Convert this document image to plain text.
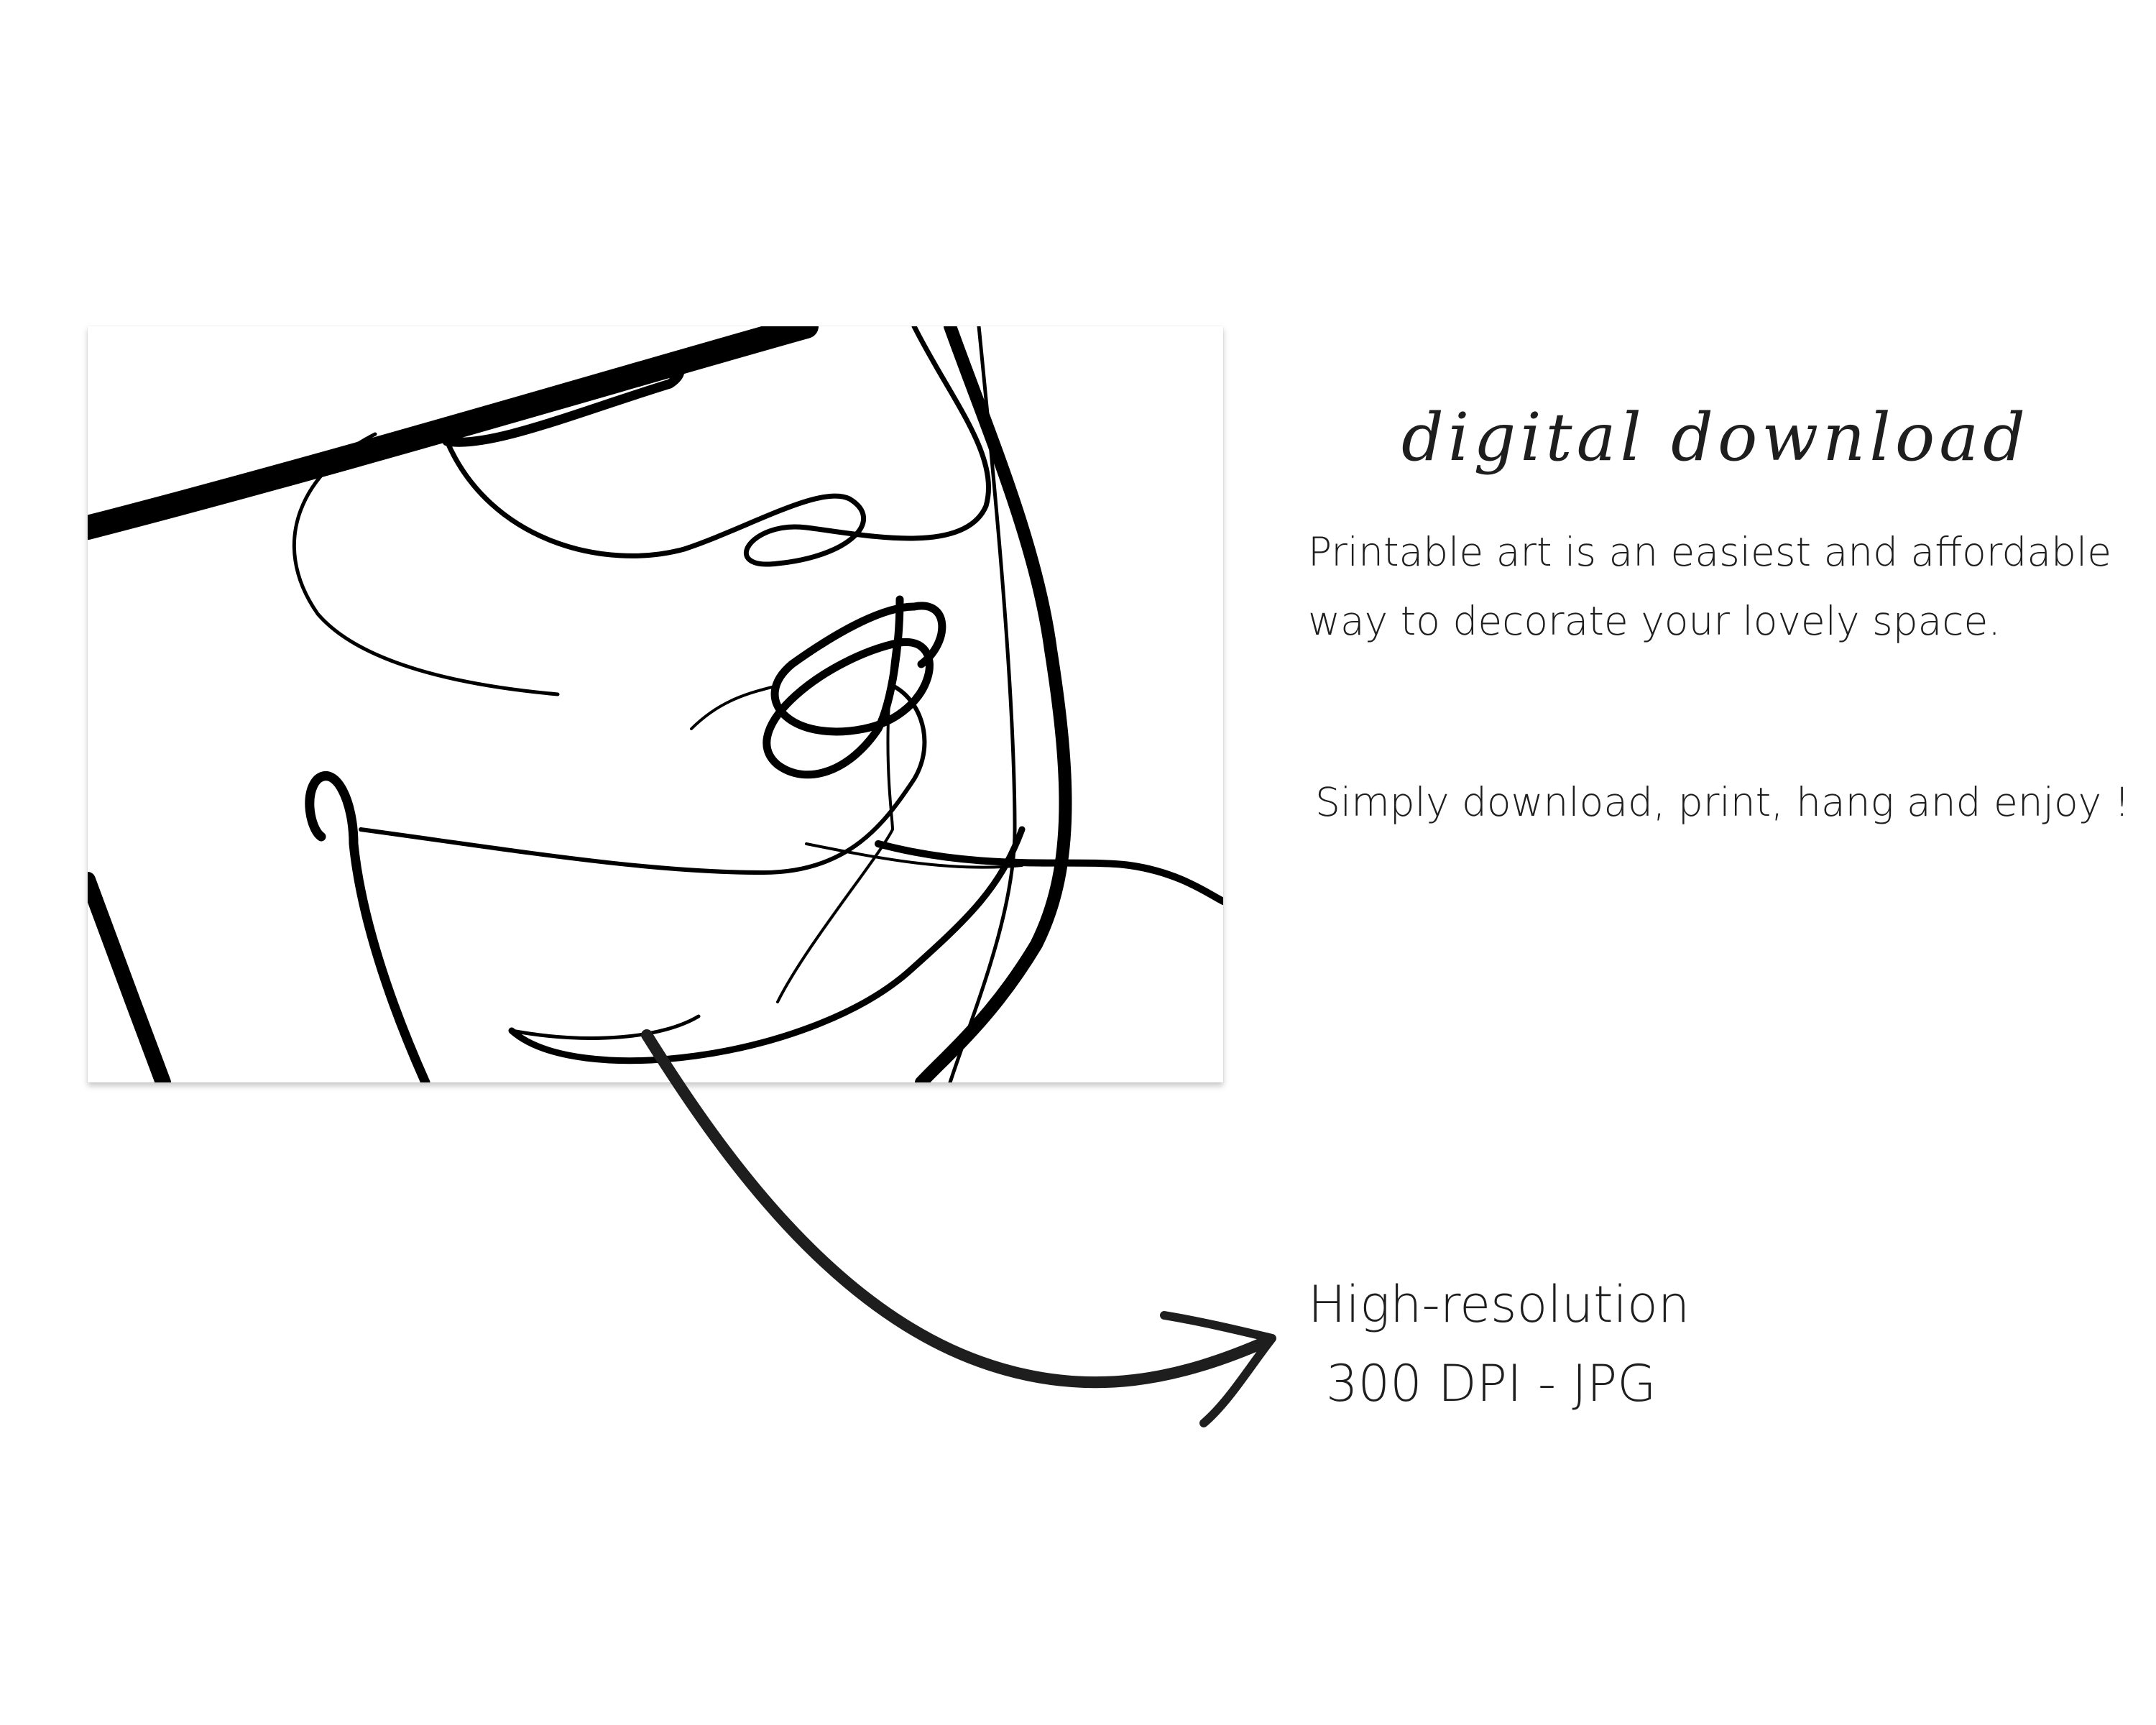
digital download
Printable art is an easiest and affordable
way to decorate your lovely space.
Simply download, print, hang and enjoy !
High-resolution
300 DPI - JPG
